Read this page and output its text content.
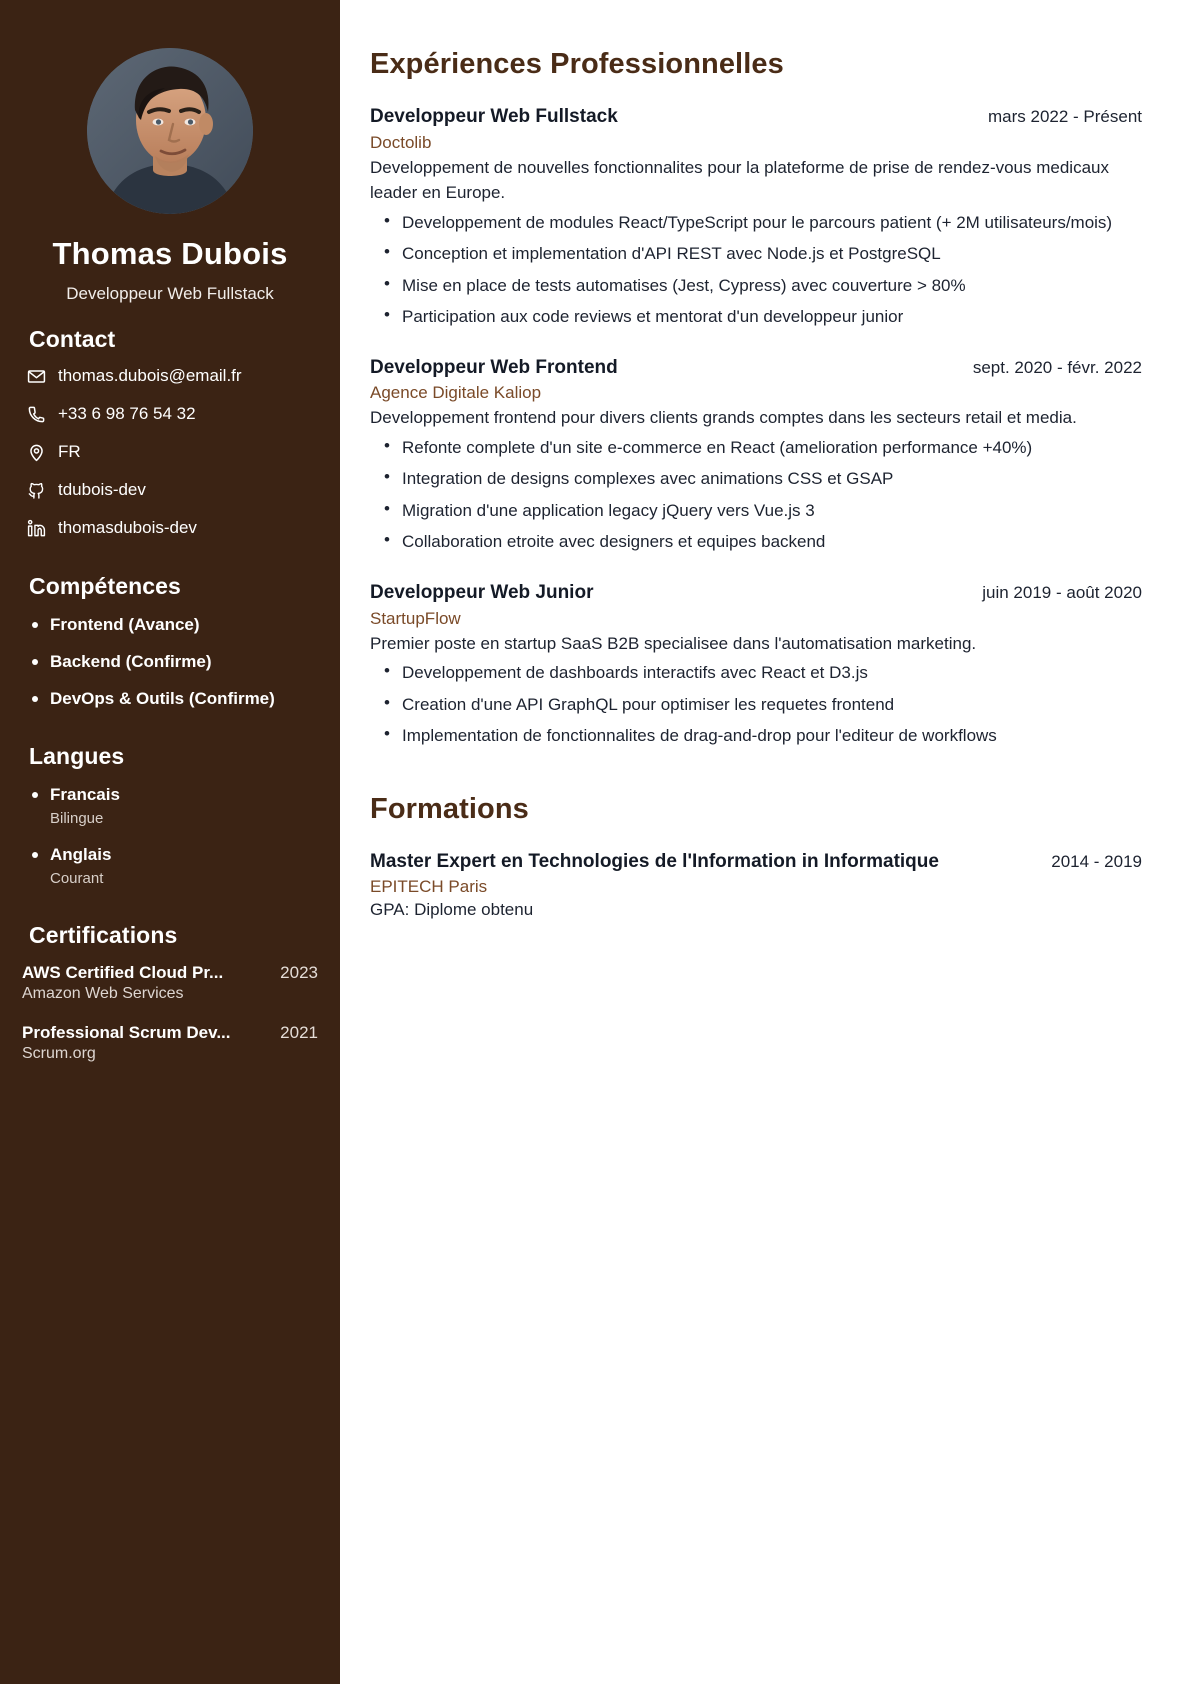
Thomas Dubois
Developpeur Web Fullstack
Contact
thomas.dubois@email.fr
+33 6 98 76 54 32
FR
tdubois-dev
thomasdubois-dev
Compétences
Frontend (Avance)
Backend (Confirme)
DevOps & Outils (Confirme)
Langues
Francais
Bilingue
Anglais
Courant
Certifications
AWS Certified Cloud Pr...	2023
Amazon Web Services
Professional Scrum Dev...	2021
Scrum.org
Expériences Professionnelles
Developpeur Web Fullstack	mars 2022 - Présent
Doctolib
Developpement de nouvelles fonctionnalites pour la plateforme de prise de rendez-vous medicaux leader en Europe.
• Developpement de modules React/TypeScript pour le parcours patient (+ 2M utilisateurs/mois)
• Conception et implementation d'API REST avec Node.js et PostgreSQL
• Mise en place de tests automatises (Jest, Cypress) avec couverture > 80%
• Participation aux code reviews et mentorat d'un developpeur junior
Developpeur Web Frontend	sept. 2020 - févr. 2022
Agence Digitale Kaliop
Developpement frontend pour divers clients grands comptes dans les secteurs retail et media.
• Refonte complete d'un site e-commerce en React (amelioration performance +40%)
• Integration de designs complexes avec animations CSS et GSAP
• Migration d'une application legacy jQuery vers Vue.js 3
• Collaboration etroite avec designers et equipes backend
Developpeur Web Junior	juin 2019 - août 2020
StartupFlow
Premier poste en startup SaaS B2B specialisee dans l'automatisation marketing.
• Developpement de dashboards interactifs avec React et D3.js
• Creation d'une API GraphQL pour optimiser les requetes frontend
• Implementation de fonctionnalites de drag-and-drop pour l'editeur de workflows
Formations
Master Expert en Technologies de l'Information in Informatique	2014 - 2019
EPITECH Paris
GPA: Diplome obtenu
